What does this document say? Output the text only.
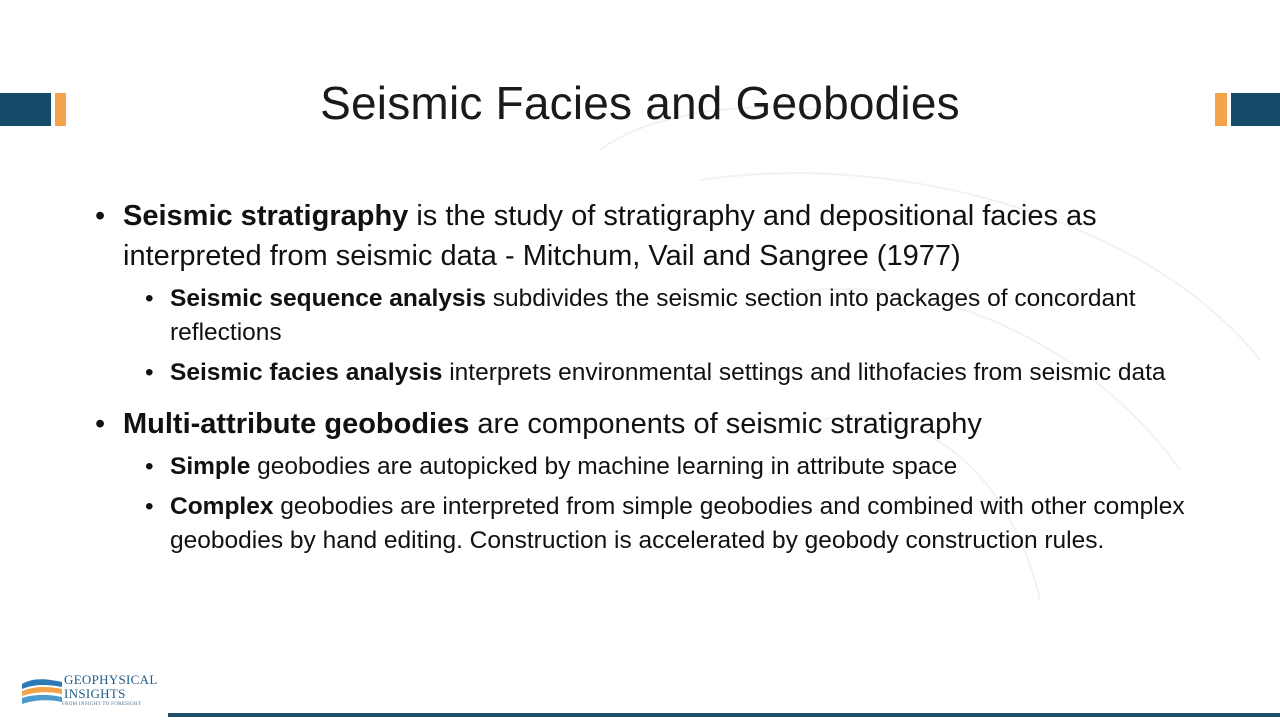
Seismic Facies and Geobodies
• Seismic stratigraphy is the study of stratigraphy and depositional facies as interpreted from seismic data - Mitchum, Vail and Sangree (1977)
• Seismic sequence analysis subdivides the seismic section into packages of concordant reflections
• Seismic facies analysis interprets environmental settings and lithofacies from seismic data
• Multi-attribute geobodies are components of seismic stratigraphy
• Simple geobodies are autopicked by machine learning in attribute space
• Complex geobodies are interpreted from simple geobodies and combined with other complex geobodies by hand editing. Construction is accelerated by geobody construction rules.
GEOPHYSICAL
INSIGHTS
FROM INSIGHT TO FORESIGHT
